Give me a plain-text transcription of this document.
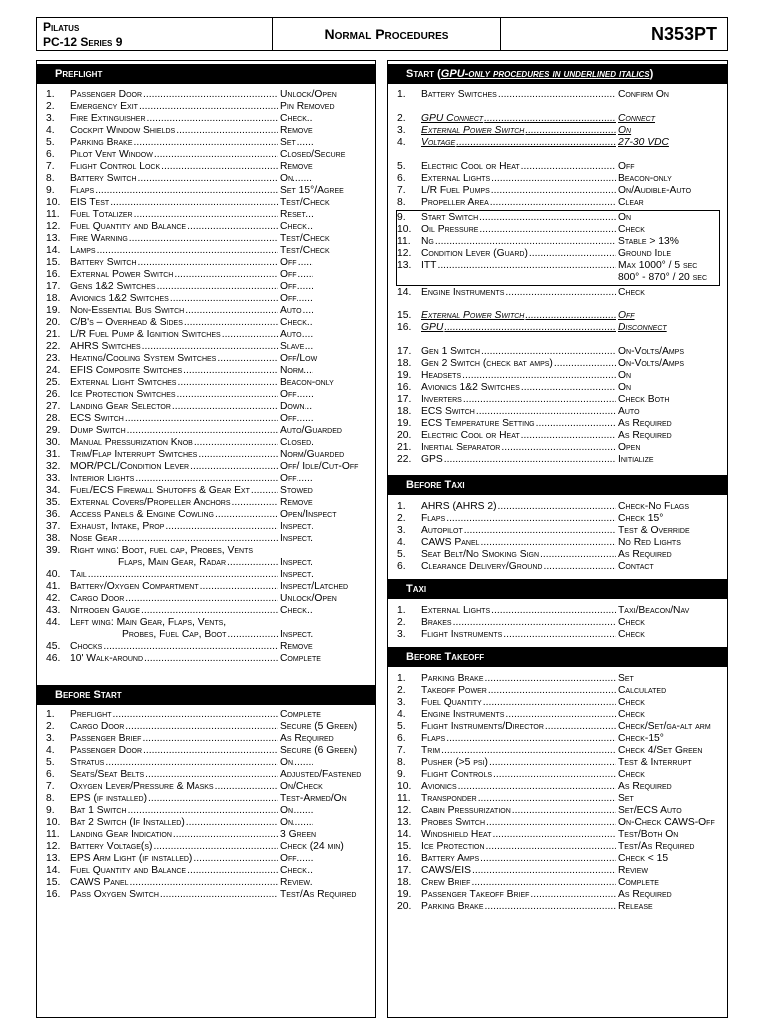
Pilatus
PC-12 Series 9	Normal Procedures	N353PT
Preflight
1.	Passenger Door .....	Unlock/Open
2.	Emergency Exit .....	Pin Removed
3.	Fire Extinguisher .....	Check
4.	Cockpit Window Shields .....	Remove
5.	Parking Brake .....	Set
6.	Pilot Vent Window .....	Closed/Secure
7.	Flight Control Lock .....	Remove
8.	Battery Switch .....	On
9.	Flaps .....	Set 15°/Agree
10. EIS Test .....	Test/Check
11.	Fuel Totalizer .....	Reset
12. Fuel Quantity and Balance .....	Check
13. Fire Warning .....	Test/Check
14. Lamps .....	Test/Check
15. Battery Switch .....	Off
16. External Power Switch .....	Off
17. Gens 1&2 Switches .....	Off
18. Avionics 1&2 Switches .....	Off
19. Non-Essential Bus Switch .....	Auto
20. C/B's – Overhead & Sides .....	Check
21. L/R Fuel Pump & Ignition Switches .....	Auto
22. AHRS Switches .....	Slave
23. Heating/Cooling System Switches .....	Off/Low
24. EFIS Composite Switches .....	Norm
25. External Light Switches .....	Beacon-only
26. Ice Protection Switches .....	Off
27. Landing Gear Selector .....	Down
28. ECS Switch .....	Off
29. Dump Switch .....	Auto/Guarded
30. Manual Pressurization Knob .....	Closed
31. Trim/Flap Interrupt Switches .....	Norm/Guarded
32. MOR/PCL/Condition Lever .....	Off/ Idle/Cut-Off
33. Interior Lights .....	Off
34. Fuel/ECS Firewall Shutoffs & Gear Ext .....	Stowed
35. External Covers/Propeller Anchors .....	Remove
36. Access Panels & Engine Cowling .....	Open/Inspect
37. Exhaust, Intake, Prop .....	Inspect
38. Nose Gear .....	Inspect
39. Right wing: Boot, fuel cap, Probes, Vents
Flaps, Main Gear, Radar .....	Inspect
40. Tail .....	Inspect
41. Battery/Oxygen Compartment .....	Inspect/Latched
42. Cargo Door .....	Unlock/Open
43. Nitrogen Gauge .....	Check
44. Left wing: Main Gear, Flaps, Vents,
Probes, Fuel Cap, Boot .....	Inspect
45. Chocks .....	Remove
46. 10' Walk-around .....	Complete
Before Start
1.	Preflight .....	Complete
2.	Cargo Door .....	Secure (5 Green)
3.	Passenger Brief .....	As Required
4.	Passenger Door .....	Secure (6 Green)
5.	Stratus .....	On
6.	Seats/Seat Belts .....	Adjusted/Fastened
7.	Oxygen Lever/Pressure & Masks .....	On/Check
8.	EPS (if installed) .....	Test-Armed/On
9.	Bat 1 Switch .....	On
10. Bat 2 Switch (If Installed) .....	On
11.	Landing Gear Indication .....	3 Green
12. Battery Voltage(s) .....	Check (24 min)
13. EPS Arm Light (if installed) .....	Off
14. Fuel Quantity and Balance .....	Check
15. CAWS Panel .....	Review
16. Pass Oxygen Switch .....	Test/As Required
Start (GPU-only procedures in underlined italics)
1.	Battery Switches .....	Confirm On
2.	GPU Connect .....	Connect
3.	External Power Switch .....	On
4.	Voltage .....	27-30 VDC
5.	Electric Cool or Heat .....	Off
6.	External Lights .....	Beacon-only
7.	L/R Fuel Pumps .....	On/Audible-Auto
8.	Propeller Area .....	Clear
9.	Start Switch .....	On
10. Oil Pressure .....	Check
11.	Ng .....	Stable > 13%
12. Condition Lever (Guard) .....	Ground Idle
13. ITT .....	Max 1000° / 5 sec
800° - 870° / 20 sec
14. Engine Instruments .....	Check
15. External Power Switch .....	Off
16. GPU .....	Disconnect
17. Gen 1 Switch .....	On-Volts/Amps
18. Gen 2 Switch (check bat amps) .....	On-Volts/Amps
19. Headsets .....	On
16. Avionics 1&2 Switches .....	On
17. Inverters .....	Check Both
18. ECS Switch .....	Auto
19. ECS Temperature Setting .....	As Required
20. Electric Cool or Heat .....	As Required
21. Inertial Separator .....	Open
22. GPS .....	Initialize
Before Taxi
1.	AHRS (AHRS 2) .....	Check-No Flags
2.	Flaps .....	Check 15°
3.	Autopilot .....	Test & Override
4.	CAWS Panel .....	No Red Lights
5.	Seat Belt/No Smoking Sign .....	As Required
6.	Clearance Delivery/Ground .....	Contact
Taxi
1.	External Lights .....	Taxi/Beacon/Nav
2.	Brakes .....	Check
3.	Flight Instruments .....	Check
Before Takeoff
1.	Parking Brake .....	Set
2.	Takeoff Power .....	Calculated
3.	Fuel Quantity .....	Check
4.	Engine Instruments .....	Check
5.	Flight Instruments/Director .....	Check/Set/ga-alt arm
6.	Flaps .....	Check-15°
7.	Trim .....	Check 4/Set Green
8.	Pusher (>5 psi) .....	Test & Interrupt
9.	Flight Controls .....	Check
10. Avionics .....	As Required
11.	Transponder .....	Set
12. Cabin Pressurization .....	Set/ECS Auto
13. Probes Switch .....	On-Check CAWS-Off
14. Windshield Heat .....	Test/Both On
15. Ice Protection .....	Test/As Required
16. Battery Amps .....	Check < 15
17. CAWS/EIS .....	Review
18. Crew Brief .....	Complete
19. Passenger Takeoff Brief .....	As Required
20. Parking Brake .....	Release
